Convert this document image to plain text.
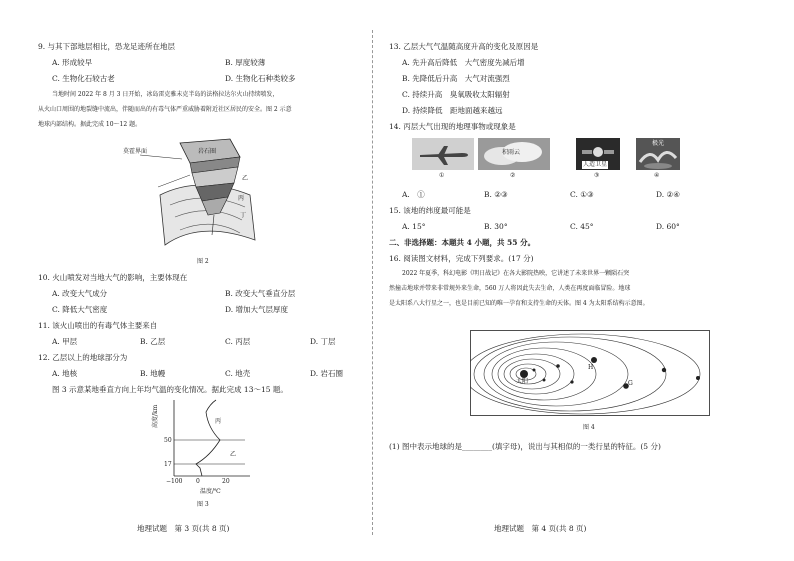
9. 与其下部地层相比，恐龙足迹所在地层
A. 形成较早	B. 厚度较薄
C. 生物化石较古老	D. 生物化石种类较多
当地时间 2022 年 8 月 3 日开始，冰岛雷克雅未克半岛的法格拉达尔火山持续喷发，
从火山口周围的地裂缝中流出，伴随而出的有毒气体严重威胁着附近社区居民的安全。图 2 示意
地球内部结构。据此完成 10～12 题。
莫霍界面	岩石圈
乙
丙
丁
图 2
10. 火山喷发对当地大气的影响，主要体现在
A. 改变大气成分	B. 改变大气垂直分层
C. 降低大气密度	D. 增加大气层厚度
11. 该火山喷出的有毒气体主要来自
A. 甲层	B. 乙层	C. 丙层	D. 丁层
12. 乙层以上的地球部分为
A. 地核	B. 地幔	C. 地壳	D. 岩石圈
图 3 示意某地垂直方向上年均气温的变化情况。据此完成 13～15 题。
高度/km
50
17
−100 0	20
温度/℃
丙
乙
图 3
地理试题　第 3 页(共 8 页)
13. 乙层大气气温随高度升高的变化及原因是
A. 先升高后降低　大气密度先减后增
B. 先降低后升高　大气对流强烈
C. 持续升高　臭氧吸收太阳辐射
D. 持续降低　距地面越来越远
14. 丙层大气出现的地理事物或现象是
①
积雨云
②
人造卫星
③
极光
④
A.　①	B. ②③	C. ①③	D. ②④
15. 该地的纬度最可能是
A. 15°	B. 30°	C. 45°	D. 60°
二、非选择题：本题共 4 小题，共 55 分。
16. 阅读图文材料，完成下列要求。(17 分)
2022 年夏季，科幻电影《明日战记》在各大影院热映，它讲述了未来世界一颗陨石突
然撞击地球并带来非常规外来生命，560 万人将因此失去生命，人类在再度面临冒险。地球
是太阳系八大行星之一，也是目前已知的唯一孕育和支持生命的天体。图 4 为太阳系结构示意图。
太阳
H
G
图 4
(1) 图中表示地球的是________(填字母)，说出与其相似的一类行星的特征。(5 分)
地理试题　第 4 页(共 8 页)
